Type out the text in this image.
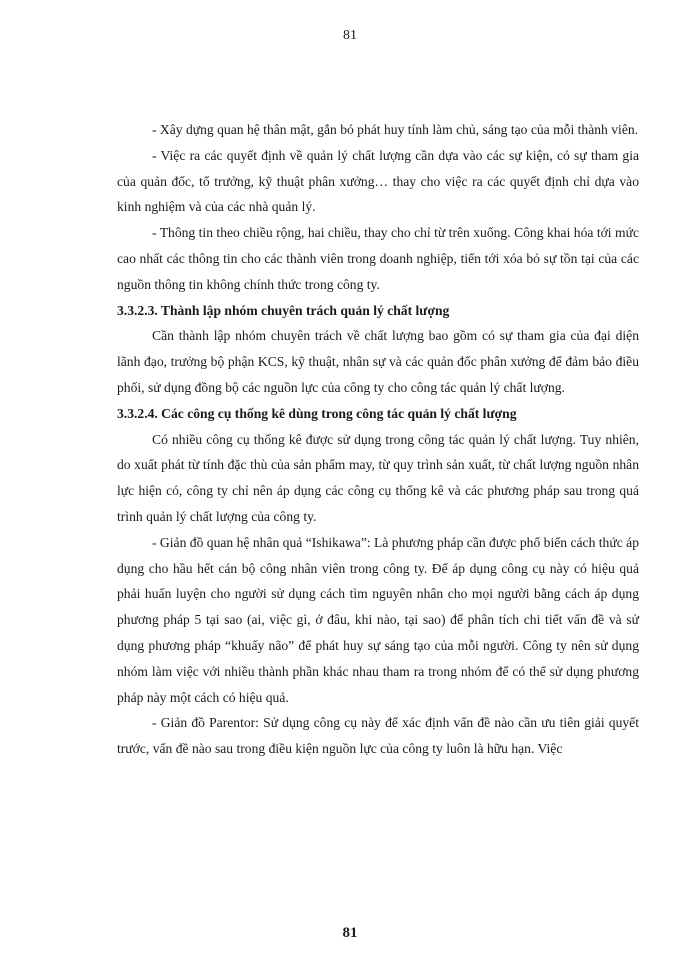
81

- Xây dựng quan hệ thân mật, gắn bó phát huy tính làm chủ, sáng tạo của mỗi thành viên.

- Việc ra các quyết định về quản lý chất lượng cần dựa vào các sự kiện, có sự tham gia của quản đốc, tổ trưởng, kỹ thuật phân xưởng… thay cho việc ra các quyết định chỉ dựa vào kinh nghiệm và của các nhà quản lý.

- Thông tin theo chiều rộng, hai chiều, thay cho chỉ từ trên xuống. Công khai hóa tới mức cao nhất các thông tin cho các thành viên trong doanh nghiệp, tiến tới xóa bỏ sự tồn tại của các nguồn thông tin không chính thức trong công ty.

3.3.2.3. Thành lập nhóm chuyên trách quản lý chất lượng

Cần thành lập nhóm chuyên trách về chất lượng bao gồm có sự tham gia của đại diện lãnh đạo, trưởng bộ phận KCS, kỹ thuật, nhân sự và các quản đốc phân xưởng để đảm bảo điều phối, sử dụng đồng bộ các nguồn lực của công ty cho công tác quản lý chất lượng.

3.3.2.4. Các công cụ thống kê dùng trong công tác quản lý chất lượng

Có nhiều công cụ thống kê được sử dụng trong công tác quản lý chất lượng. Tuy nhiên, do xuất phát từ tính đặc thù của sản phẩm may, từ quy trình sản xuất, từ chất lượng nguồn nhân lực hiện có, công ty chỉ nên áp dụng các công cụ thống kê và các phương pháp sau trong quá trình quản lý chất lượng của công ty.

- Giản đồ quan hệ nhân quả “Ishikawa”: Là phương pháp cần được phổ biến cách thức áp dụng cho hầu hết cán bộ công nhân viên trong công ty. Để áp dụng công cụ này có hiệu quả phải huấn luyện cho người sử dụng cách tìm nguyên nhân cho mọi người bằng cách áp dụng phương pháp 5 tại sao (ai, việc gì, ở đâu, khi nào, tại sao) để phân tích chi tiết vấn đề và sử dụng phương pháp “khuấy não” để phát huy sự sáng tạo của mỗi người. Công ty nên sử dụng nhóm làm việc với nhiều thành phần khác nhau tham ra trong nhóm để có thể sử dụng phương pháp này một cách có hiệu quả.

- Giản đồ Parentor: Sử dụng công cụ này để xác định vấn đề nào cần ưu tiên giải quyết trước, vấn đề nào sau trong điều kiện nguồn lực của công ty luôn là hữu hạn. Việc

81
